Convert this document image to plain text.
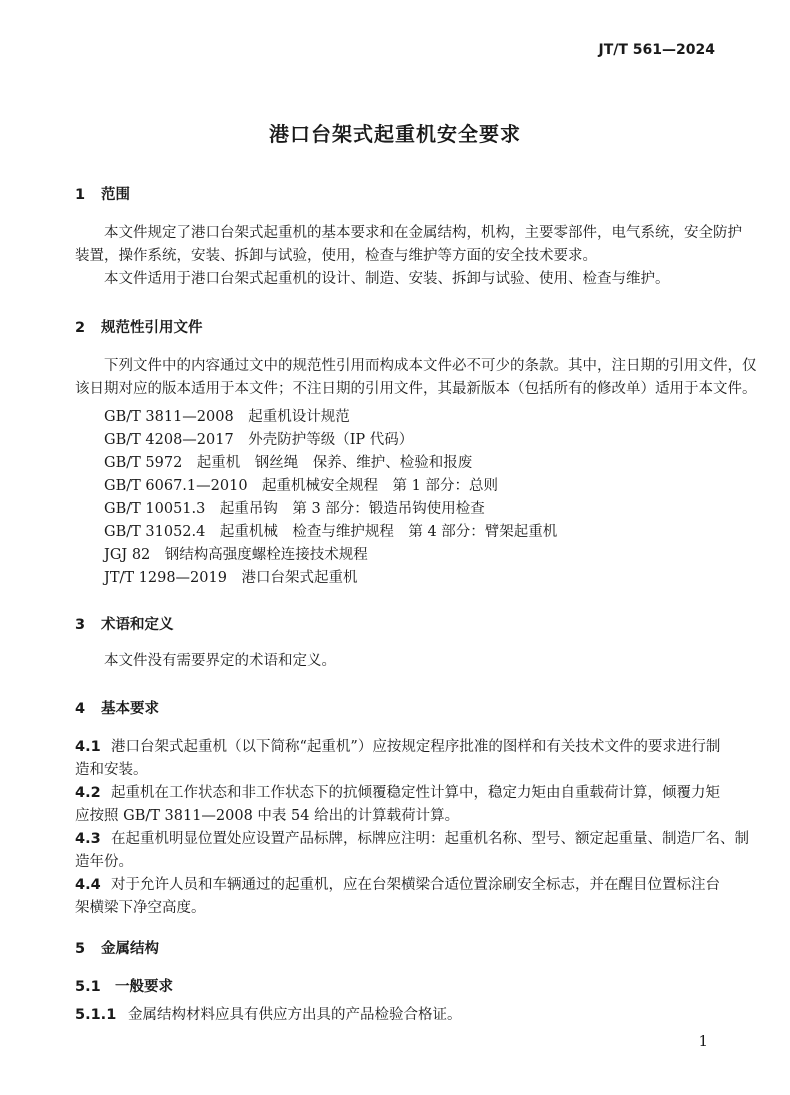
JT/T 561—2024
港口台架式起重机安全要求
1 范围
本文件规定了港口台架式起重机的基本要求和在金属结构，机构，主要零部件，电气系统，安全防护
装置，操作系统，安装、拆卸与试验，使用，检查与维护等方面的安全技术要求。
本文件适用于港口台架式起重机的设计、制造、安装、拆卸与试验、使用、检查与维护。
2 规范性引用文件
下列文件中的内容通过文中的规范性引用而构成本文件必不可少的条款。其中，注日期的引用文件，仅
该日期对应的版本适用于本文件；不注日期的引用文件，其最新版本（包括所有的修改单）适用于本文件。
GB/T 3811—2008　起重机设计规范
GB/T 4208—2017　外壳防护等级（IP 代码）
GB/T 5972　起重机　钢丝绳　保养、维护、检验和报废
GB/T 6067.1—2010　起重机械安全规程　第 1 部分：总则
GB/T 10051.3　起重吊钩　第 3 部分：锻造吊钩使用检查
GB/T 31052.4　起重机械　检查与维护规程　第 4 部分：臂架起重机
JGJ 82　钢结构高强度螺栓连接技术规程
JT/T 1298—2019　港口台架式起重机
3 术语和定义
本文件没有需要界定的术语和定义。
4 基本要求
4.1 港口台架式起重机（以下简称“起重机”）应按规定程序批准的图样和有关技术文件的要求进行制
造和安装。
4.2 起重机在工作状态和非工作状态下的抗倾覆稳定性计算中，稳定力矩由自重载荷计算，倾覆力矩
应按照 GB/T 3811—2008 中表 54 给出的计算载荷计算。
4.3 在起重机明显位置处应设置产品标牌，标牌应注明：起重机名称、型号、额定起重量、制造厂名、制
造年份。
4.4 对于允许人员和车辆通过的起重机，应在台架横梁合适位置涂刷安全标志，并在醒目位置标注台
架横梁下净空高度。
5 金属结构
5.1 一般要求
5.1.1 金属结构材料应具有供应方出具的产品检验合格证。
1
